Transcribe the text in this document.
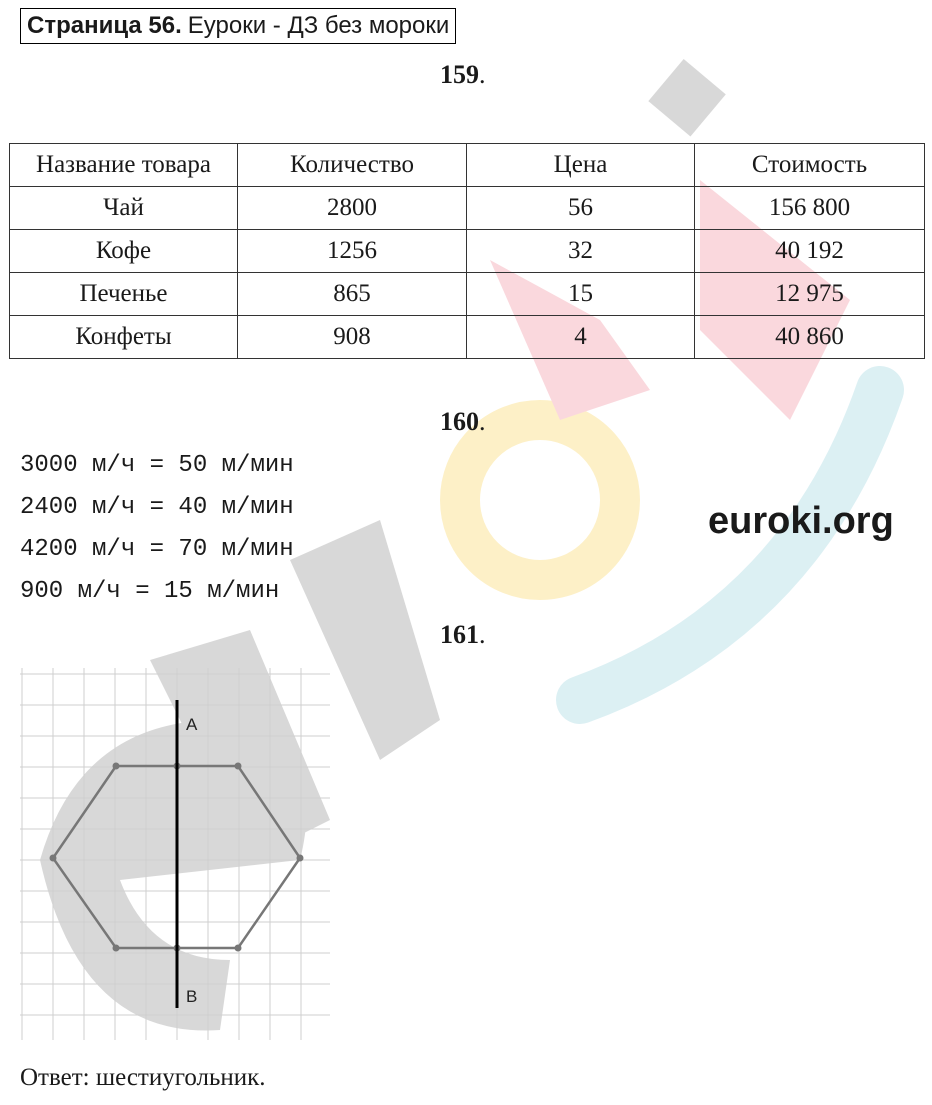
Страница 56. Еуроки - ДЗ без мороки
159.
Название товара	Количество	Цена	Стоимость
Чай	2800	56	156 800
Кофе	1256	32	40 192
Печенье	865	15	12 975
Конфеты	908	4	40 860
160.
3000 м/ч = 50 м/мин
2400 м/ч = 40 м/мин
4200 м/ч = 70 м/мин
900 м/ч = 15 м/мин
euroki.org
161.
A
B
Ответ: шестиугольник.
